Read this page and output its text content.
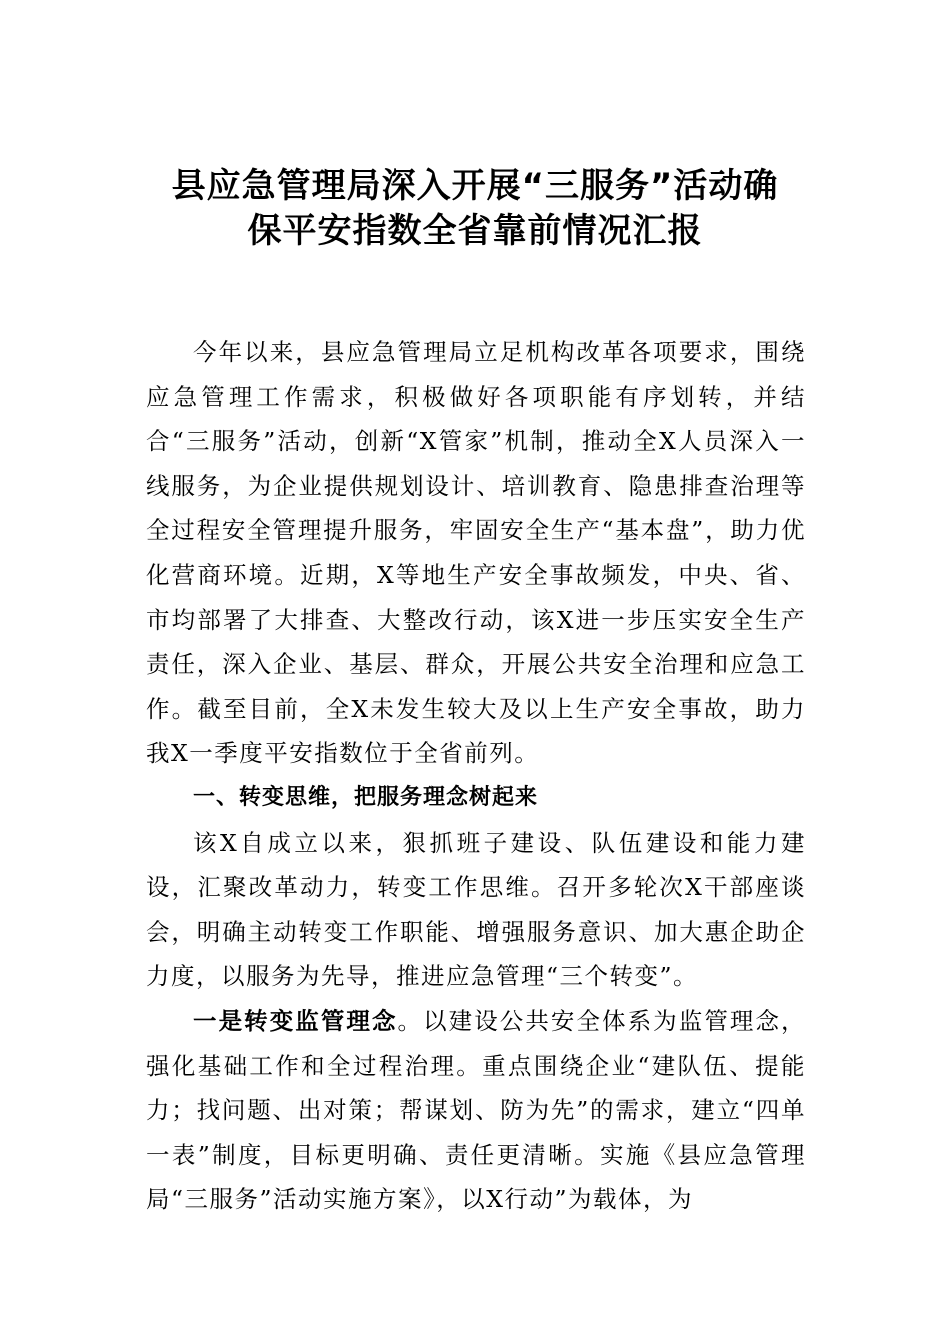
县应急管理局深入开展“三服务”活动确
保平安指数全省靠前情况汇报

今年以来，县应急管理局立足机构改革各项要求，围绕应急管理工作需求，积极做好各项职能有序划转，并结合“三服务”活动，创新“X管家”机制，推动全X人员深入一线服务，为企业提供规划设计、培训教育、隐患排查治理等全过程安全管理提升服务，牢固安全生产“基本盘”，助力优化营商环境。近期，X等地生产安全事故频发，中央、省、市均部署了大排查、大整改行动，该X进一步压实安全生产责任，深入企业、基层、群众，开展公共安全治理和应急工作。截至目前，全X未发生较大及以上生产安全事故，助力我X一季度平安指数位于全省前列。

一、转变思维，把服务理念树起来

该X自成立以来，狠抓班子建设、队伍建设和能力建设，汇聚改革动力，转变工作思维。召开多轮次X干部座谈会，明确主动转变工作职能、增强服务意识、加大惠企助企力度，以服务为先导，推进应急管理“三个转变”。

一是转变监管理念。以建设公共安全体系为监管理念，强化基础工作和全过程治理。重点围绕企业“建队伍、提能力；找问题、出对策；帮谋划、防为先”的需求，建立“四单一表”制度，目标更明确、责任更清晰。实施《县应急管理局“三服务”活动实施方案》，以X行动”为载体，为
